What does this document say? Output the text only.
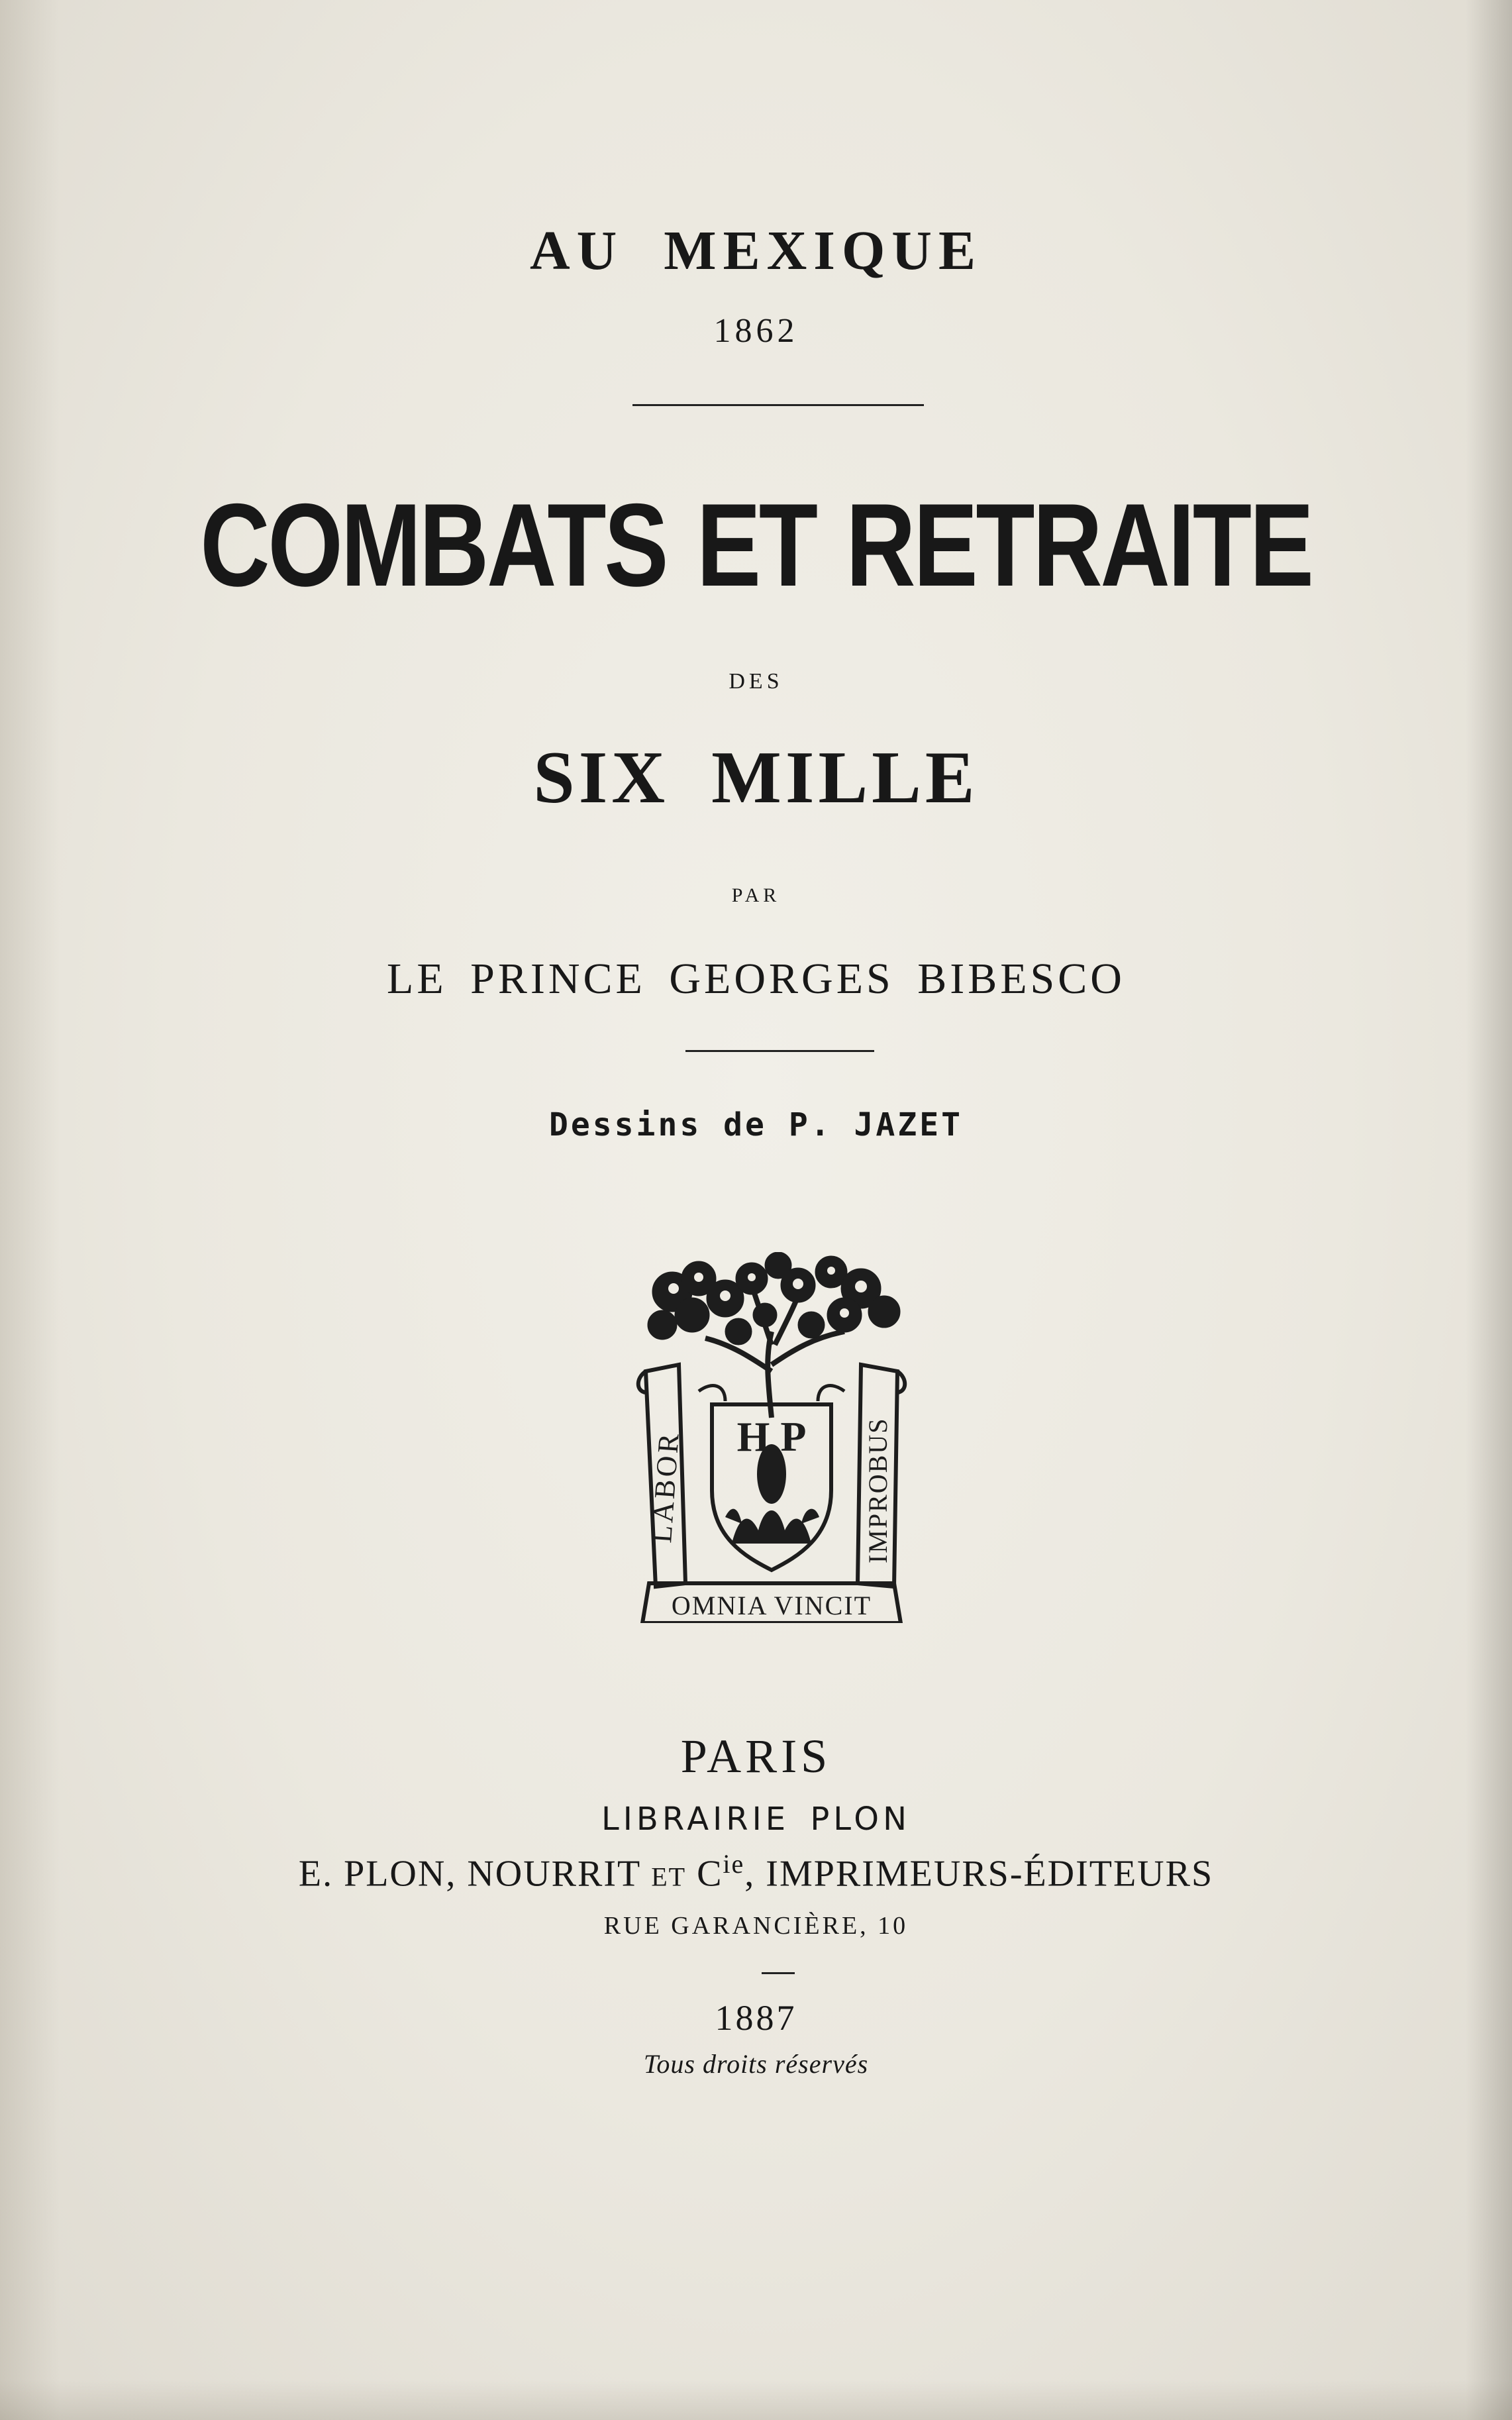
AU MEXIQUE
1862
COMBATS ET RETRAITE
DES
SIX MILLE
PAR
LE PRINCE GEORGES BIBESCO
Dessins de P. JAZET
H P
LABOR	IMPROBUS
OMNIA VINCIT
PARIS
LIBRAIRIE PLON
E. PLON, NOURRIT ET $C^{ie}$, IMPRIMEURS-ÉDITEURS
RUE GARANCIÈRE, 10
1887
Tous droits réservés
